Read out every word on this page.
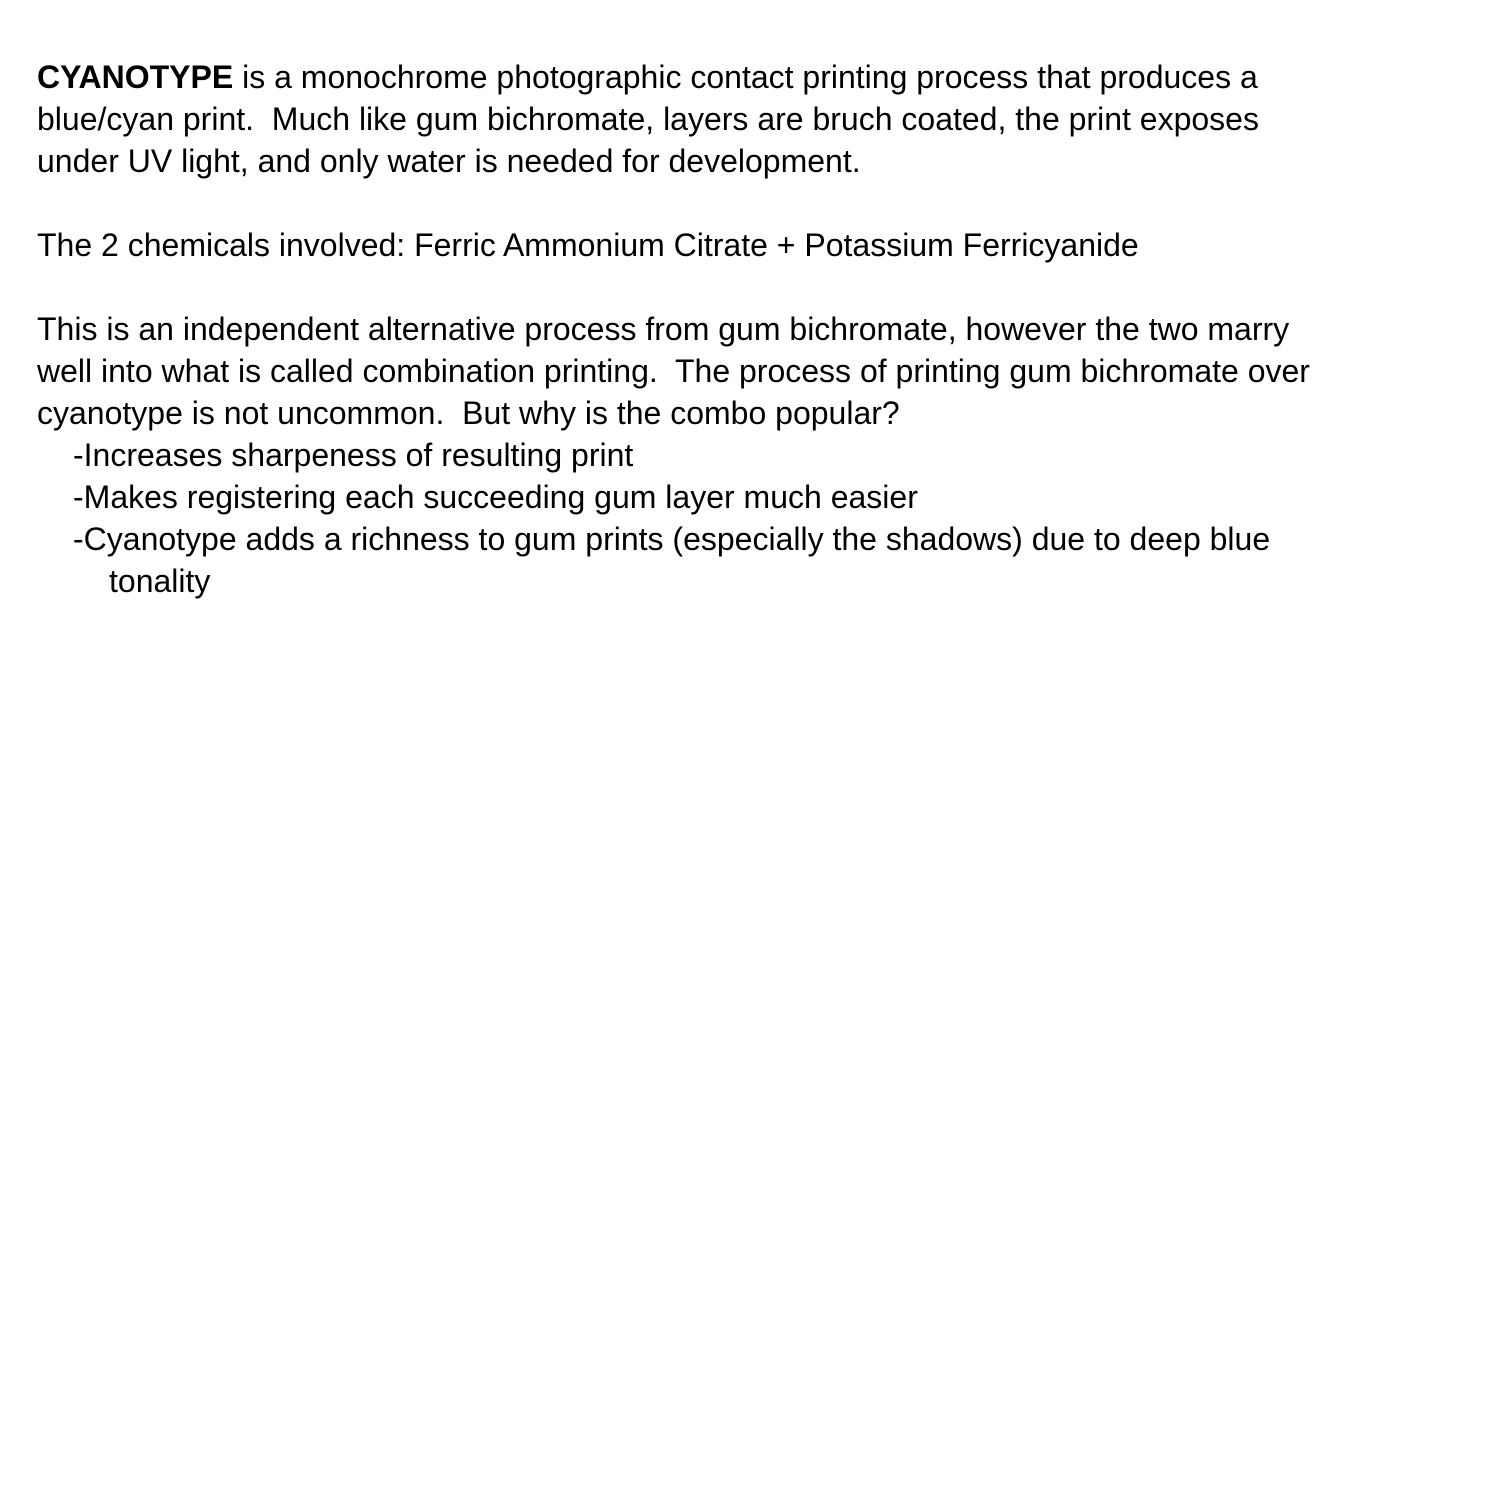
CYANOTYPE is a monochrome photographic contact printing process that produces a
blue/cyan print.  Much like gum bichromate, layers are bruch coated, the print exposes
under UV light, and only water is needed for development.
The 2 chemicals involved: Ferric Ammonium Citrate + Potassium Ferricyanide
This is an independent alternative process from gum bichromate, however the two marry
well into what is called combination printing.  The process of printing gum bichromate over
cyanotype is not uncommon.  But why is the combo popular?
-Increases sharpeness of resulting print
-Makes registering each succeeding gum layer much easier
-Cyanotype adds a richness to gum prints (especially the shadows) due to deep blue
tonality
